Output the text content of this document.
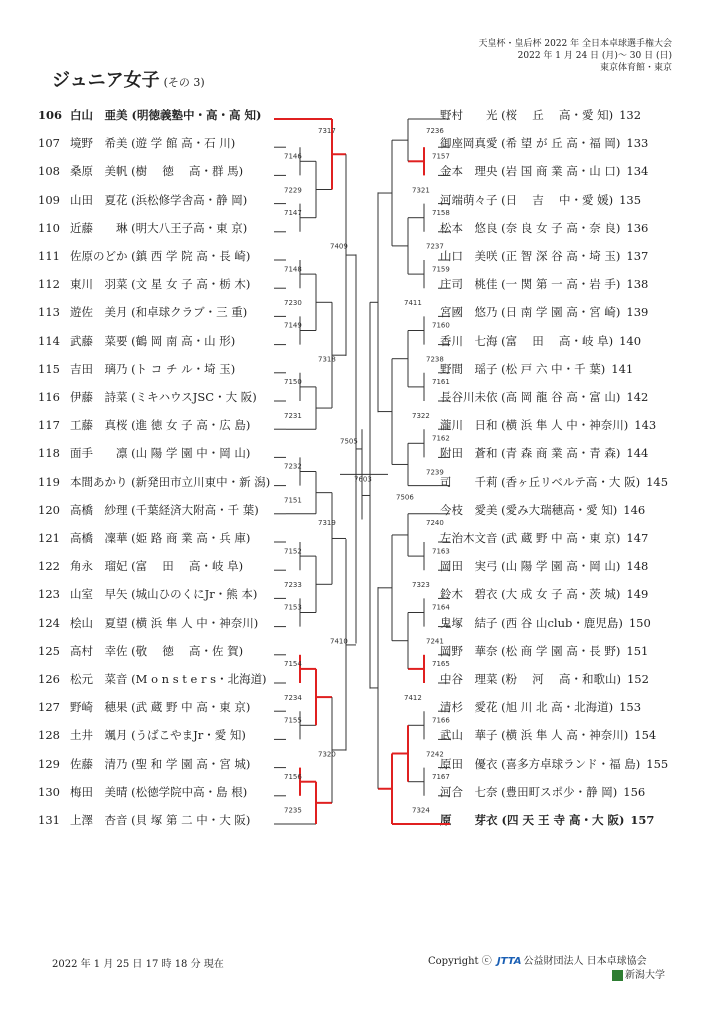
天皇杯・皇后杯 2022 年 全日本卓球選手権大会
2022 年 1 月 24 日 (月)～ 30 日 (日)
東京体育館・東京
ジュニア女子 (その 3)
106 白山　亜美 (明徳義塾中・高・高 知)
107 境野　希美 (遊 学 館 高・石 川)
108 桑原　美帆 (樹　 徳 　高・群 馬)
109 山田　夏花 (浜松修学舎高・静 岡)
110 近藤　　琳 (明大八王子高・東 京)
111 佐原のどか (鎮 西 学 院 高・長 崎)
112 東川　羽菜 (文 星 女 子 高・栃 木)
113 遊佐　美月 (和卓球クラブ・三 重)
114 武藤　菜要 (鶴 岡 南 高・山 形)
115 吉田　璃乃 (ト コ チ ル・埼 玉)
116 伊藤　詩菜 (ミキハウスJSC・大 阪)
117 工藤　真桜 (進 徳 女 子 高・広 島)
118 面手　　凛 (山 陽 学 園 中・岡 山)
119 本間あかり (新発田市立川東中・新 潟)
120 高橋　紗理 (千葉経済大附高・千 葉)
121 高橋　凜華 (姫 路 商 業 高・兵 庫)
122 角永　瑠妃 (富　 田 　高・岐 阜)
123 山室　早矢 (城山ひのくにJr・熊 本)
124 桧山　夏望 (横 浜 隼 人 中・神奈川)
125 高村　幸佐 (敬　 徳 　高・佐 賀)
126 松元　菜音 (M o n s t e r s・北海道)
127 野崎　穂果 (武 蔵 野 中 高・東 京)
128 土井　颯月 (うばこやまJr・愛 知)
129 佐藤　清乃 (聖 和 学 園 高・宮 城)
130 梅田　美晴 (松徳学院中高・島 根)
131 上澤　杏音 (貝 塚 第 二 中・大 阪)
野村　　光 (桜　 丘 　高・愛 知) 132
御座岡真愛 (希 望 が 丘 高・福 岡) 133
金本　理央 (岩 国 商 業 高・山 口) 134
河端萌々子 (日　 吉 　中・愛 媛) 135
松本　悠良 (奈 良 女 子 高・奈 良) 136
山口　美咲 (正 智 深 谷 高・埼 玉) 137
庄司　桃佳 (一 関 第 一 高・岩 手) 138
宮國　悠乃 (日 南 学 園 高・宮 崎) 139
香川　七海 (富　 田 　高・岐 阜) 140
野間　瑶子 (松 戸 六 中・千 葉) 141
長谷川未依 (高 岡 龍 谷 高・富 山) 142
瀧川　日和 (横 浜 隼 人 中・神奈川) 143
附田　蒼和 (青 森 商 業 高・青 森) 144
司　　千莉 (香ヶ丘リベルテ高・大 阪) 145
今枝　愛美 (愛み大瑞穂高・愛 知) 146
左治木文音 (武 蔵 野 中 高・東 京) 147
岡田　実弓 (山 陽 学 園 高・岡 山) 148
鈴木　碧衣 (大 成 女 子 高・茨 城) 149
鬼塚　結子 (西 谷 山club・鹿児島) 150
岡野　華奈 (松 商 学 園 高・長 野) 151
中谷　理菜 (粉　 河 　高・和歌山) 152
清杉　愛花 (旭 川 北 高・北海道) 153
武山　華子 (横 浜 隼 人 高・神奈川) 154
原田　優衣 (喜多方卓球ランド・福 島) 155
河合　七奈 (豊田町スポ少・静 岡) 156
原　　芽衣 (四 天 王 寺 高・大 阪) 157
7317
7146
7229
7147
7409
7148
7230
7149
7318
7150
7231
7505
7232
7151
7319
7152
7233
7153
7410
7154
7234
7155
7320
7156
7235
7236
7157
7321
7158
7237
7159
7411
7160
7238
7161
7322
7162
7239
7506
7240
7163
7323
7164
7241
7165
7412
7166
7242
7167
7324
7603
2022 年 1 月 25 日 17 時 18 分 現在	Copyright ⓒ JTTA 公益財団法人 日本卓球協会
新潟大学
